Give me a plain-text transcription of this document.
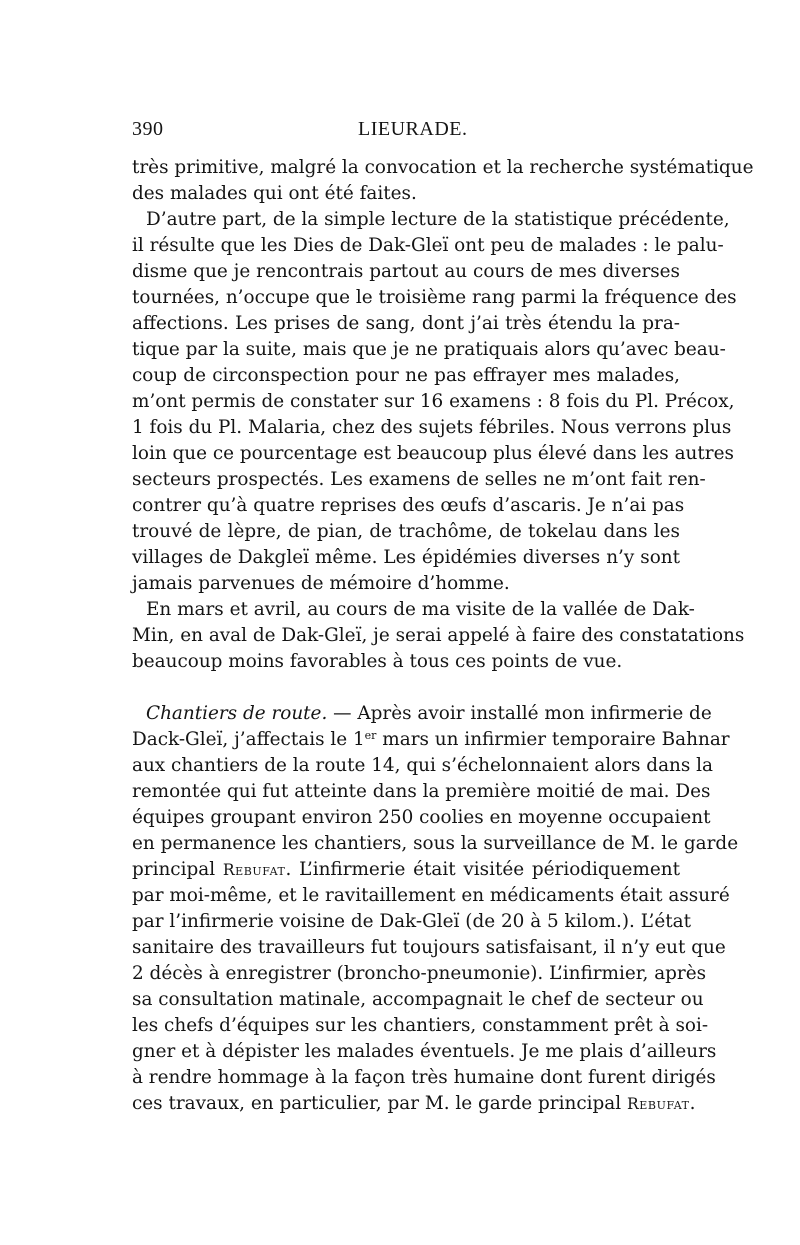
390	LIEURADE.
très primitive, malgré la convocation et la recherche systématique
des malades qui ont été faites.
D’autre part, de la simple lecture de la statistique précédente,
il résulte que les Dies de Dak-Gleï ont peu de malades : le palu-
disme que je rencontrais partout au cours de mes diverses
tournées, n’occupe que le troisième rang parmi la fréquence des
affections. Les prises de sang, dont j’ai très étendu la pra-
tique par la suite, mais que je ne pratiquais alors qu’avec beau-
coup de circonspection pour ne pas effrayer mes malades,
m’ont permis de constater sur 16 examens : 8 fois du Pl. Précox,
1 fois du Pl. Malaria, chez des sujets fébriles. Nous verrons plus
loin que ce pourcentage est beaucoup plus élevé dans les autres
secteurs prospectés. Les examens de selles ne m’ont fait ren-
contrer qu’à quatre reprises des œufs d’ascaris. Je n’ai pas
trouvé de lèpre, de pian, de trachôme, de tokelau dans les
villages de Dakgleï même. Les épidémies diverses n’y sont
jamais parvenues de mémoire d’homme.
En mars et avril, au cours de ma visite de la vallée de Dak-
Min, en aval de Dak-Gleï, je serai appelé à faire des constatations
beaucoup moins favorables à tous ces points de vue.
Chantiers de route. — Après avoir installé mon infirmerie de
Dack-Gleï, j’affectais le 1er mars un infirmier temporaire Bahnar
aux chantiers de la route 14, qui s’échelonnaient alors dans la
remontée qui fut atteinte dans la première moitié de mai. Des
équipes groupant environ 250 coolies en moyenne occupaient
en permanence les chantiers, sous la surveillance de M. le garde
principal Rebufat. L’infirmerie était visitée périodiquement
par moi-même, et le ravitaillement en médicaments était assuré
par l’infirmerie voisine de Dak-Gleï (de 20 à 5 kilom.). L’état
sanitaire des travailleurs fut toujours satisfaisant, il n’y eut que
2 décès à enregistrer (broncho-pneumonie). L’infirmier, après
sa consultation matinale, accompagnait le chef de secteur ou
les chefs d’équipes sur les chantiers, constamment prêt à soi-
gner et à dépister les malades éventuels. Je me plais d’ailleurs
à rendre hommage à la façon très humaine dont furent dirigés
ces travaux, en particulier, par M. le garde principal Rebufat.
